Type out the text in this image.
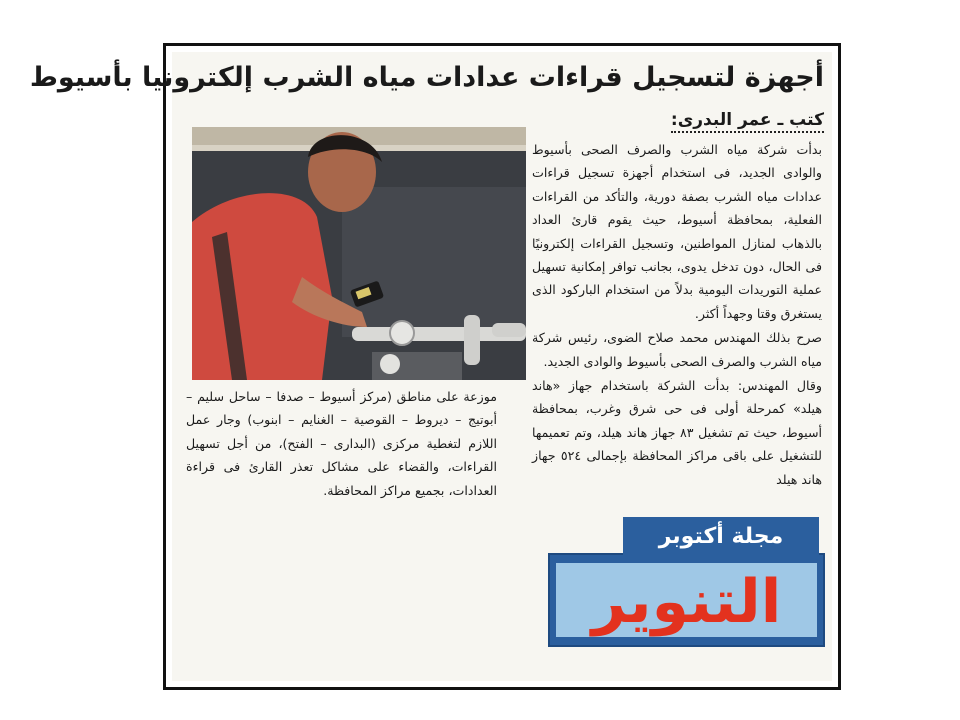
أجهزة لتسجيل قراءات عدادات مياه الشرب إلكترونيا بأسيوط
كتب ـ عمر البدرى:

بدأت شركة مياه الشرب والصرف الصحى بأسيوط والوادى الجديد، فى استخدام أجهزة تسجيل قراءات عدادات مياه الشرب بصفة دورية، والتأكد من القراءات الفعلية، بمحافظة أسيوط، حيث يقوم قارئ العداد بالذهاب لمنازل المواطنين، وتسجيل القراءات إلكترونيًا فى الحال، دون تدخل يدوى، بجانب توافر إمكانية تسهيل عملية التوريدات اليومية بدلاً من استخدام الباركود الذى يستغرق وقتا وجهداً أكثر.

صرح بذلك المهندس محمد صلاح الضوى، رئيس شركة مياه الشرب والصرف الصحى بأسيوط والوادى الجديد.

وقال المهندس: بدأت الشركة باستخدام جهاز «هاند هيلد» كمرحلة أولى فى حى شرق وغرب، بمحافظة أسيوط، حيث تم تشغيل ٨٣ جهاز هاند هيلد، وتم تعميمها للتشغيل على باقى مراكز المحافظة بإجمالى ٥٢٤ جهاز هاند هيلد

موزعة على مناطق (مركز أسيوط – صدفا – ساحل سليم – أبوتيج – ديروط – القوصية – الغنايم – ابنوب) وجار عمل اللازم لتغطية مركزى (البدارى – الفتح)، من أجل تسهيل القراءات، والقضاء على مشاكل تعذر القارئ فى قراءة العدادات، بجميع مراكز المحافظة.

التنوير
مجلة أكتوبر
